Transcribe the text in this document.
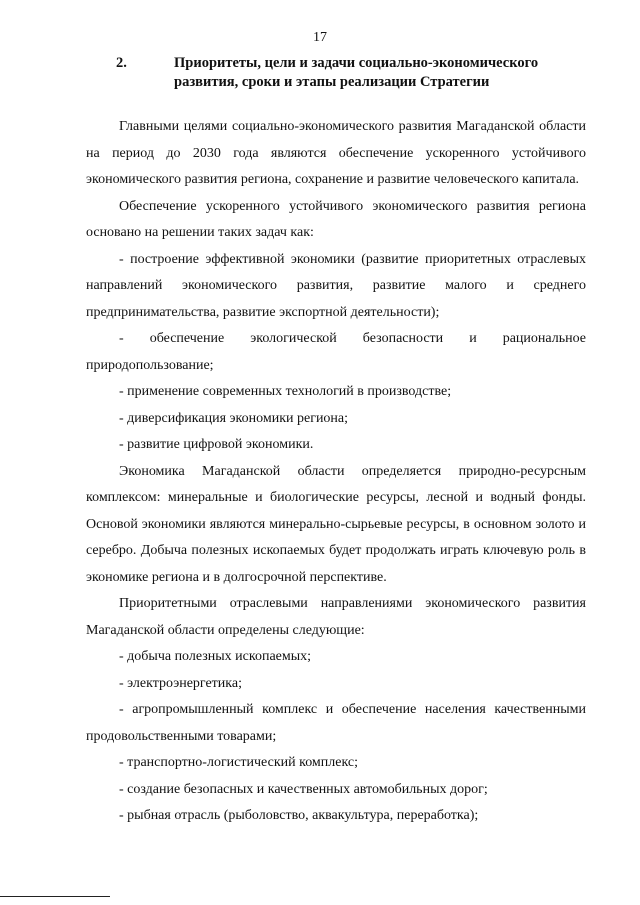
17
2.	Приоритеты, цели и задачи социально-экономического развития, сроки и этапы реализации Стратегии

Главными целями социально-экономического развития Магаданской области на период до 2030 года являются обеспечение ускоренного устойчивого экономического развития региона, сохранение и развитие человеческого капитала.

Обеспечение ускоренного устойчивого экономического развития региона основано на решении таких задач как:

- построение эффективной экономики (развитие приоритетных отраслевых направлений экономического развития, развитие малого и среднего предпринимательства, развитие экспортной деятельности);

- обеспечение экологической безопасности и рациональное природопользование;

- применение современных технологий в производстве;

- диверсификация экономики региона;

- развитие цифровой экономики.

Экономика Магаданской области определяется природно-ресурсным комплексом: минеральные и биологические ресурсы, лесной и водный фонды. Основой экономики являются минерально-сырьевые ресурсы, в основном золото и серебро. Добыча полезных ископаемых будет продолжать играть ключевую роль в экономике региона и в долгосрочной перспективе.

Приоритетными отраслевыми направлениями экономического развития Магаданской области определены следующие:

- добыча полезных ископаемых;

- электроэнергетика;

- агропромышленный комплекс и обеспечение населения качественными продовольственными товарами;

- транспортно-логистический комплекс;

- создание безопасных и качественных автомобильных дорог;

- рыбная отрасль (рыболовство, аквакультура, переработка);
